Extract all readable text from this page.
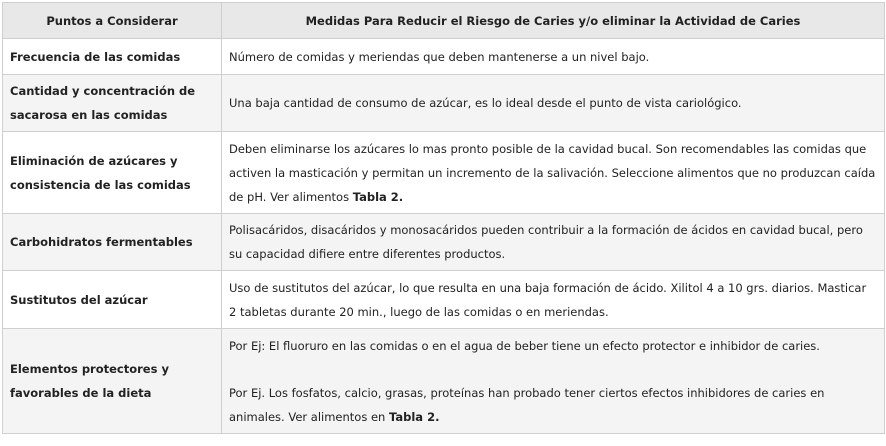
Puntos a Considerar	Medidas Para Reducir el Riesgo de Caries y/o eliminar la Actividad de Caries
Frecuencia de las comidas	Número de comidas y meriendas que deben mantenerse a un nivel bajo.
Cantidad y concentración de sacarosa en las comidas	Una baja cantidad de consumo de azúcar, es lo ideal desde el punto de vista cariológico.
Eliminación de azúcares y consistencia de las comidas	Deben eliminarse los azúcares lo mas pronto posible de la cavidad bucal. Son recomendables las comidas que activen la masticación y permitan un incremento de la salivación. Seleccione alimentos que no produzcan caída de pH. Ver alimentos Tabla 2.
Carbohidratos fermentables	Polisacáridos, disacáridos y monosacáridos pueden contribuir a la formación de ácidos en cavidad bucal, pero su capacidad difiere entre diferentes productos.
Sustitutos del azúcar	Uso de sustitutos del azúcar, lo que resulta en una baja formación de ácido. Xilitol 4 a 10 grs. diarios. Masticar 2 tabletas durante 20 min., luego de las comidas o en meriendas.
Elementos protectores y favorables de la dieta	Por Ej: El fluoruro en las comidas o en el agua de beber tiene un efecto protector e inhibidor de caries.
Por Ej. Los fosfatos, calcio, grasas, proteínas han probado tener ciertos efectos inhibidores de caries en animales. Ver alimentos en Tabla 2.
